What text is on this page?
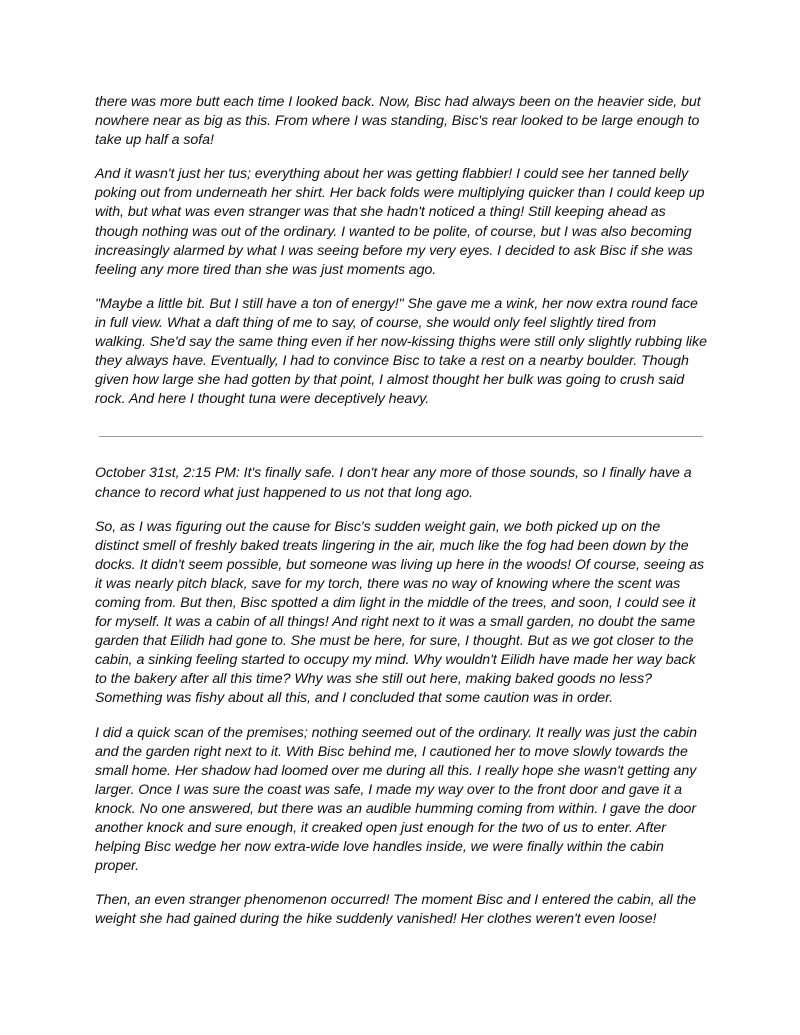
there was more butt each time I looked back. Now, Bisc had always been on the heavier side, but nowhere near as big as this. From where I was standing, Bisc's rear looked to be large enough to take up half a sofa!

And it wasn't just her tus; everything about her was getting flabbier! I could see her tanned belly poking out from underneath her shirt. Her back folds were multiplying quicker than I could keep up with, but what was even stranger was that she hadn't noticed a thing! Still keeping ahead as though nothing was out of the ordinary. I wanted to be polite, of course, but I was also becoming increasingly alarmed by what I was seeing before my very eyes. I decided to ask Bisc if she was feeling any more tired than she was just moments ago.

"Maybe a little bit. But I still have a ton of energy!" She gave me a wink, her now extra round face in full view. What a daft thing of me to say, of course, she would only feel slightly tired from walking. She'd say the same thing even if her now-kissing thighs were still only slightly rubbing like they always have. Eventually, I had to convince Bisc to take a rest on a nearby boulder. Though given how large she had gotten by that point, I almost thought her bulk was going to crush said rock. And here I thought tuna were deceptively heavy.

October 31st, 2:15 PM: It's finally safe. I don't hear any more of those sounds, so I finally have a chance to record what just happened to us not that long ago.

So, as I was figuring out the cause for Bisc's sudden weight gain, we both picked up on the distinct smell of freshly baked treats lingering in the air, much like the fog had been down by the docks. It didn't seem possible, but someone was living up here in the woods! Of course, seeing as it was nearly pitch black, save for my torch, there was no way of knowing where the scent was coming from. But then, Bisc spotted a dim light in the middle of the trees, and soon, I could see it for myself. It was a cabin of all things! And right next to it was a small garden, no doubt the same garden that Eilidh had gone to. She must be here, for sure, I thought. But as we got closer to the cabin, a sinking feeling started to occupy my mind. Why wouldn't Eilidh have made her way back to the bakery after all this time? Why was she still out here, making baked goods no less? Something was fishy about all this, and I concluded that some caution was in order.

I did a quick scan of the premises; nothing seemed out of the ordinary. It really was just the cabin and the garden right next to it. With Bisc behind me, I cautioned her to move slowly towards the small home. Her shadow had loomed over me during all this. I really hope she wasn't getting any larger. Once I was sure the coast was safe, I made my way over to the front door and gave it a knock. No one answered, but there was an audible humming coming from within. I gave the door another knock and sure enough, it creaked open just enough for the two of us to enter. After helping Bisc wedge her now extra-wide love handles inside, we were finally within the cabin proper.

Then, an even stranger phenomenon occurred! The moment Bisc and I entered the cabin, all the weight she had gained during the hike suddenly vanished! Her clothes weren't even loose!
